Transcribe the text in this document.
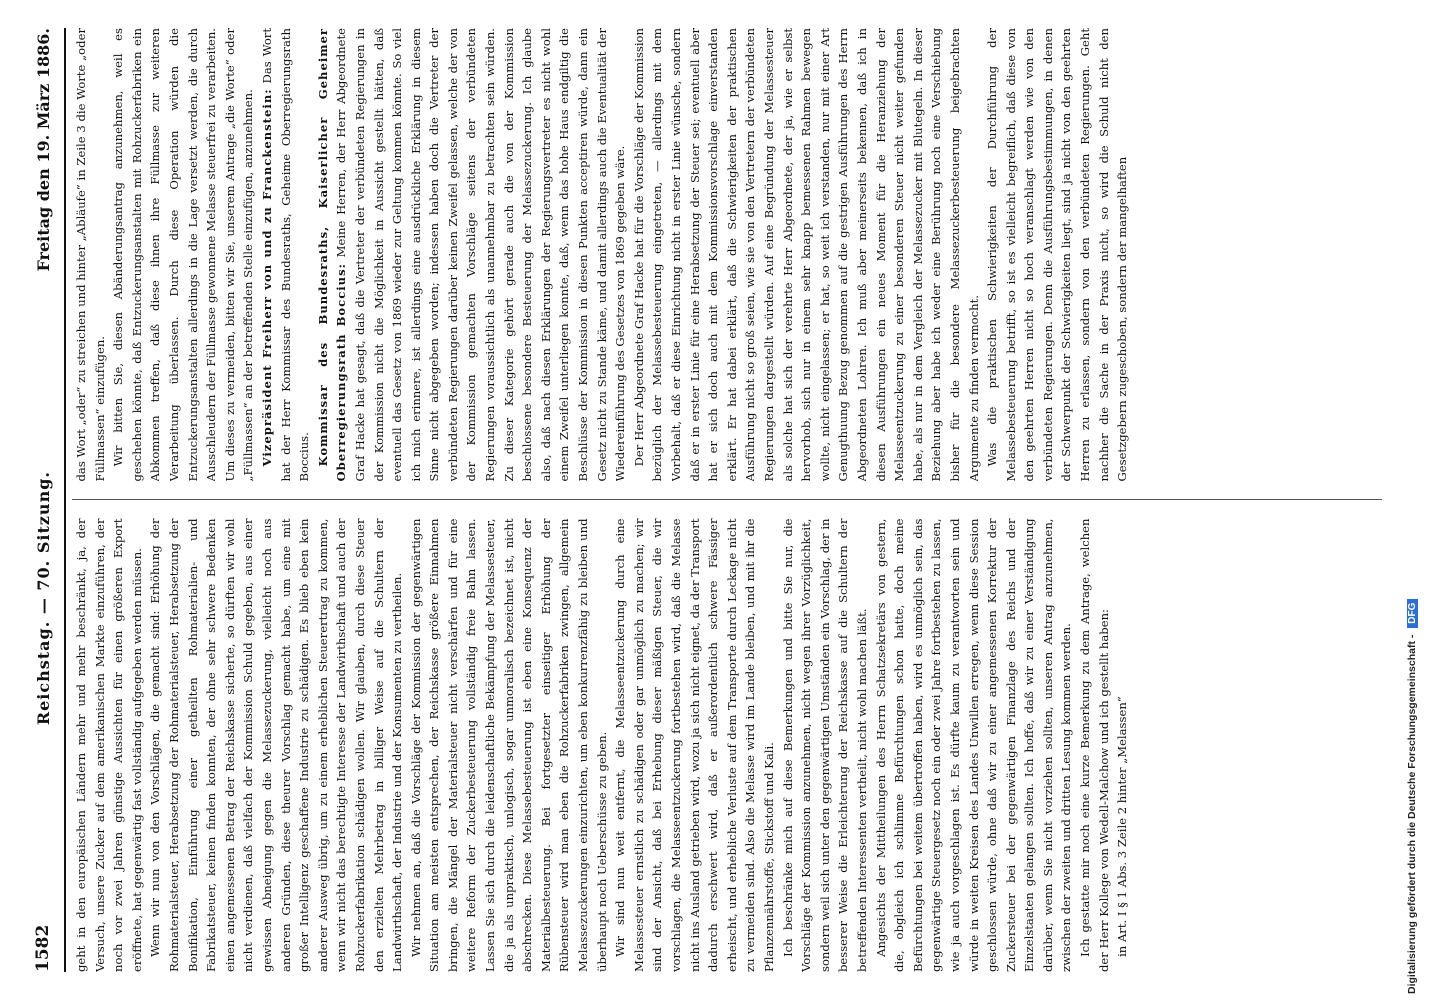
1582
Reichstag. — 70. Sitzung.
Freitag den 19. März 1886.

geht in den europäischen Ländern mehr und mehr beschränkt, ja, der Versuch, unsere Zucker auf dem amerikanischen Markte einzuführen, der noch vor zwei Jahren günstige Aussichten für einen größeren Export eröffnete, hat gegenwärtig fast vollständig aufgegeben werden müssen. Wenn wir nun von den Vorschlägen, die gemacht sind: Erhöhung der Rohmaterialsteuer, Herabsetzung der Rohmaterialsteuer, Herabsetzung der Bonifikation, Einführung einer getheilten Rohmaterialien- und Fabrikatsteuer, keinen finden konnten, der ohne sehr schwere Bedenken einen angemessenen Betrag der Reichskasse sicherte, so dürften wir wohl nicht verdienen, daß vielfach der Kommission Schuld gegeben, aus einer gewissen Abneigung gegen die Melassezuckerung, vielleicht noch aus anderen Gründen, diese theurer Vorschlag gemacht habe, um eine mit großer Intelligenz geschaffene Industrie zu schädigen. Es blieb eben kein anderer Ausweg übrig, um zu einem erheblichen Steuerertrag zu kommen, wenn wir nicht das berechtigte Interesse der Landwirthschaft und auch der Rohzuckerfabrikation schädigen wollen. Wir glauben, durch diese Steuer den erzielten Mehrbetrag in billiger Weise auf die Schultern der Landwirthschaft, der Industrie und der Konsumenten zu vertheilen. Wir nehmen an, daß die Vorschläge der Kommission der gegenwärtigen Situation am meisten entsprechen, der Reichskasse größere Einnahmen bringen, die Mängel der Materialsteuer nicht verschärfen und für eine weitere Reform der Zuckerbesteuerung vollständig freie Bahn lassen. Lassen Sie sich durch die leidenschaftliche Bekämpfung der Melassesteuer, die ja als unpraktisch, unlogisch, sogar unmoralisch bezeichnet ist, nicht abschrecken. Diese Melassebesteuerung ist eben eine Konsequenz der Materialbesteuerung. Bei fortgesetzter einseitiger Erhöhung der Rübensteuer wird man eben die Rohzuckerfabriken zwingen, allgemein Melassezuckerungen einzurichten, um eben konkurrenzfähig zu bleiben und überhaupt noch Ueberschüsse zu geben. Wir sind nun weit entfernt, die Melasseentzuckerung durch eine Melassesteuer ernstlich zu schädigen oder gar unmöglich zu machen; wir sind der Ansicht, daß bei Erhebung dieser mäßigen Steuer, die wir vorschlagen, die Melasseentzuckerung fortbestehen wird, daß die Melasse nicht ins Ausland getrieben wird, wozu ja sich nicht eignet, da der Transport dadurch erschwert wird, daß er außerordentlich schwere Fässiger erheischt, und erhebliche Verluste auf dem Transporte durch Leckage nicht zu vermeiden sind. Also die Melasse wird im Lande bleiben, und mit ihr die Pflanzennährstoffe, Stickstoff und Kali. Ich beschränke mich auf diese Bemerkungen und bitte Sie nur, die Vorschläge der Kommission anzunehmen, nicht wegen ihrer Vorzüglichkeit, sondern weil sich unter den gegenwärtigen Umständen ein Vorschlag, der in besserer Weise die Erleichterung der Reichskasse auf die Schultern der betreffenden Interessenten vertheilt, nicht wohl machen läßt. Angesichts der Mittheilungen des Herrn Schatzsekretärs von gestern, die, obgleich ich schlimme Befürchtungen schon hatte, doch meine Befürchtungen bei weitem übertroffen haben, wird es unmöglich sein, das gegenwärtige Steuergesetz noch ein oder zwei Jahre fortbestehen zu lassen, wie ja auch vorgeschlagen ist. Es dürfte kaum zu verantworten sein und würde in weiten Kreisen des Landes Unwillen erregen, wenn diese Session geschlossen würde, ohne daß wir zu einer angemessenen Korrektur der Zuckersteuer bei der gegenwärtigen Finanzlage des Reichs und der Einzelstaaten gelangen sollten. Ich hoffe, daß wir zu einer Verständigung darüber, wenn Sie nicht vorziehen sollten, unseren Antrag anzunehmen, zwischen der zweiten und dritten Lesung kommen werden. Ich gestatte mir noch eine kurze Bemerkung zu dem Antrage, welchen der Herr Kollege von Wedell-Malchow und ich gestellt haben: in Art. I § 1 Abs. 3 Zeile 2 hinter „Melassen“

das Wort „oder“ zu streichen und hinter „Abläufe“ in Zeile 3 die Worte „oder Füllmassen“ einzufügen. Wir bitten Sie, diesen Abänderungsantrag anzunehmen, weil es geschehen könnte, daß Entzuckerungsanstalten mit Rohzuckerfabriken ein Abkommen treffen, daß diese ihnen ihre Füllmasse zur weiteren Verarbeitung überlassen. Durch diese Operation würden die Entzuckerungsanstalten allerdings in die Lage versetzt werden, die durch Ausschleudern der Füllmasse gewonnene Melasse steuerfrei zu verarbeiten. Um dieses zu vermeiden, bitten wir Sie, unserem Antrage „die Worte“ oder „Füllmassen“ an der betreffenden Stelle einzufügen, anzunehmen. Vizepräsident Freiherr von und zu Franckenstein: Das Wort hat der Herr Kommissar des Bundesraths, Geheime Oberregierungsrath Boccius. Kommissar des Bundesraths, Kaiserlicher Geheimer Oberregierungsrath Boccius: Meine Herren, der Herr Abgeordnete Graf Hacke hat gesagt, daß die Vertreter der verbündeten Regierungen in der Kommission nicht die Möglichkeit in Aussicht gestellt hätten, daß eventuell das Gesetz von 1869 wieder zur Geltung kommen könnte. So viel ich mich erinnere, ist allerdings eine ausdrückliche Erklärung in diesem Sinne nicht abgegeben worden; indessen haben doch die Vertreter der verbündeten Regierungen darüber keinen Zweifel gelassen, welche der von der Kommission gemachten Vorschläge seitens der verbündeten Regierungen voraussichtlich als unannehmbar zu betrachten sein würden. Zu dieser Kategorie gehört gerade auch die von der Kommission beschlossene besondere Besteuerung der Melassezuckerung. Ich glaube also, daß nach diesen Erklärungen der Regierungsvertreter es nicht wohl einem Zweifel unterliegen konnte, daß, wenn das hohe Haus endgiltig die Beschlüsse der Kommission in diesen Punkten acceptiren würde, dann ein Gesetz nicht zu Stande käme, und damit allerdings auch die Eventualität der Wiedereinführung des Gesetzes von 1869 gegeben wäre. Der Herr Abgeordnete Graf Hacke hat für die Vorschläge der Kommission bezüglich der Melassebesteuerung eingetreten, — allerdings mit dem Vorbehalt, daß er diese Einrichtung nicht in erster Linie wünsche, sondern daß er in erster Linie für eine Herabsetzung der Steuer sei; eventuell aber hat er sich doch auch mit dem Kommissionsvorschlage einverstanden erklärt. Er hat dabei erklärt, daß die Schwierigkeiten der praktischen Ausführung nicht so groß seien, wie sie von den Vertretern der verbündeten Regierungen dargestellt würden. Auf eine Begründung der Melassesteuer als solche hat sich der verehrte Herr Abgeordnete, der ja, wie er selbst hervorhob, sich nur in einem sehr knapp bemessenen Rahmen bewegen wollte, nicht eingelassen; er hat, so weit ich verstanden, nur mit einer Art Genugthuung Bezug genommen auf die gestrigen Ausführungen des Herrn Abgeordneten Lohren. Ich muß aber meinerseits bekennen, daß ich in diesen Ausführungen ein neues Moment für die Heranziehung der Melasseentzuckerung zu einer besonderen Steuer nicht weiter gefunden habe, als nur in dem Vergleich der Melassezucker mit Blutegeln. In dieser Beziehung aber habe ich weder eine Berührung noch eine Verschiebung bisher für die besondere Melassezuckerbesteuerung beigebrachten Argumente zu finden vermocht. Was die praktischen Schwierigkeiten der Durchführung der Melassebesteuerung betrifft, so ist es vielleicht begreiflich, daß diese von den geehrten Herren nicht so hoch veranschlagt werden wie von den verbündeten Regierungen. Denn die Ausführungsbestimmungen, in denen der Schwerpunkt der Schwierigkeiten liegt, sind ja nicht von den geehrten Herren zu erlassen, sondern von den verbündeten Regierungen. Geht nachher die Sache in der Praxis nicht, so wird die Schuld nicht den Gesetzgebern zugeschoben, sondern der mangelhaften

Digitalisierung gefördert durch die Deutsche Forschungsgemeinschaft - DFG
